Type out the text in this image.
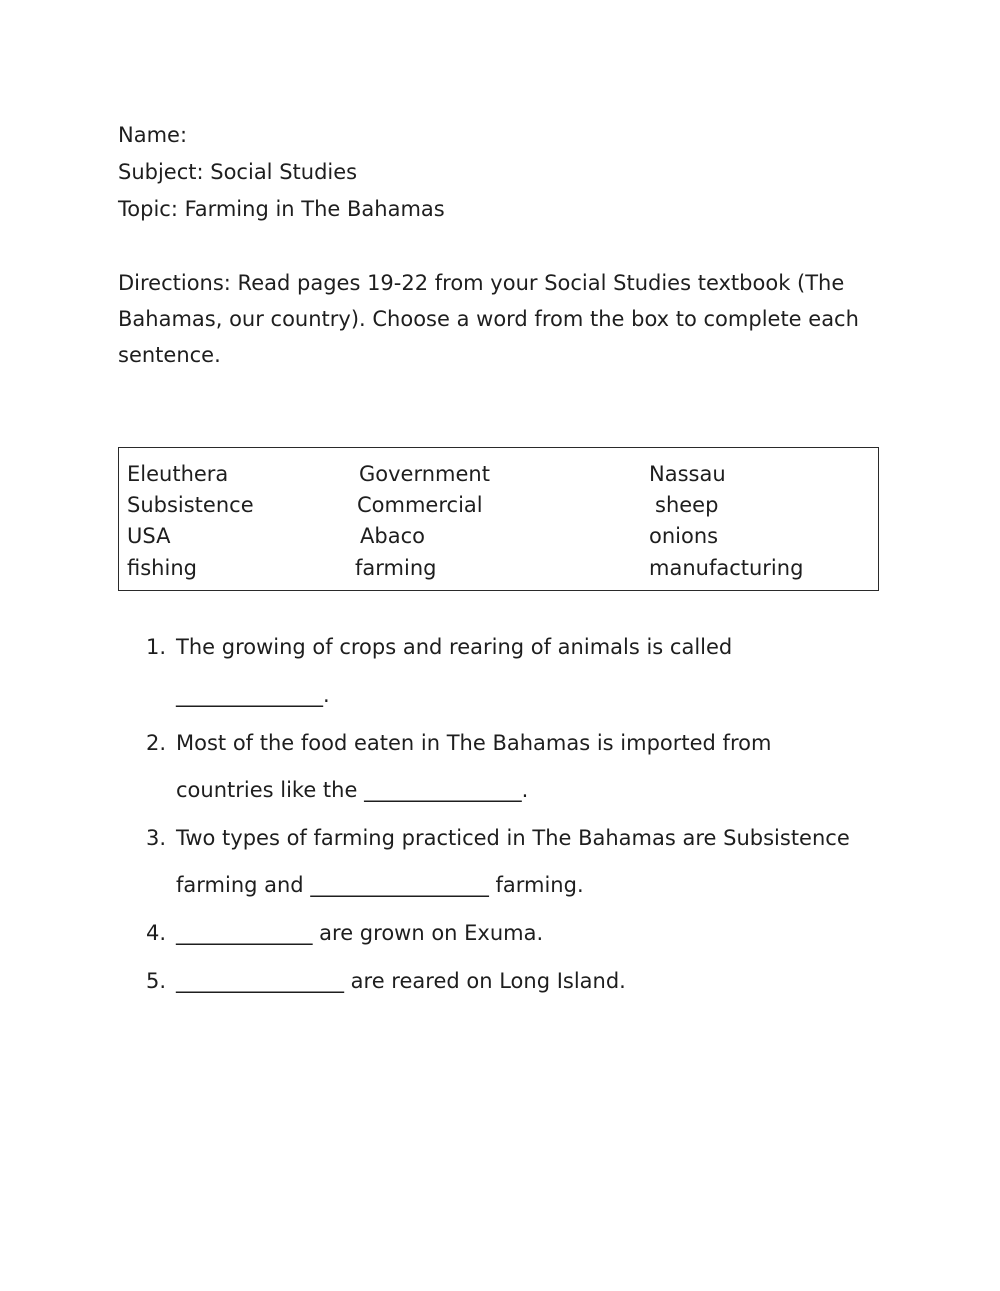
Name:
Subject: Social Studies
Topic: Farming in The Bahamas
Directions: Read pages 19-22 from your Social Studies textbook (The Bahamas, our country). Choose a word from the box to complete each sentence.
Eleuthera	Government	Nassau
Subsistence	Commercial	sheep
USA	Abaco	onions
fishing	farming	manufacturing
1. The growing of crops and rearing of animals is called
______________.
2. Most of the food eaten in The Bahamas is imported from
countries like the _______________.
3. Two types of farming practiced in The Bahamas are Subsistence
farming and _________________ farming.
4. _____________ are grown on Exuma.
5. ________________ are reared on Long Island.
